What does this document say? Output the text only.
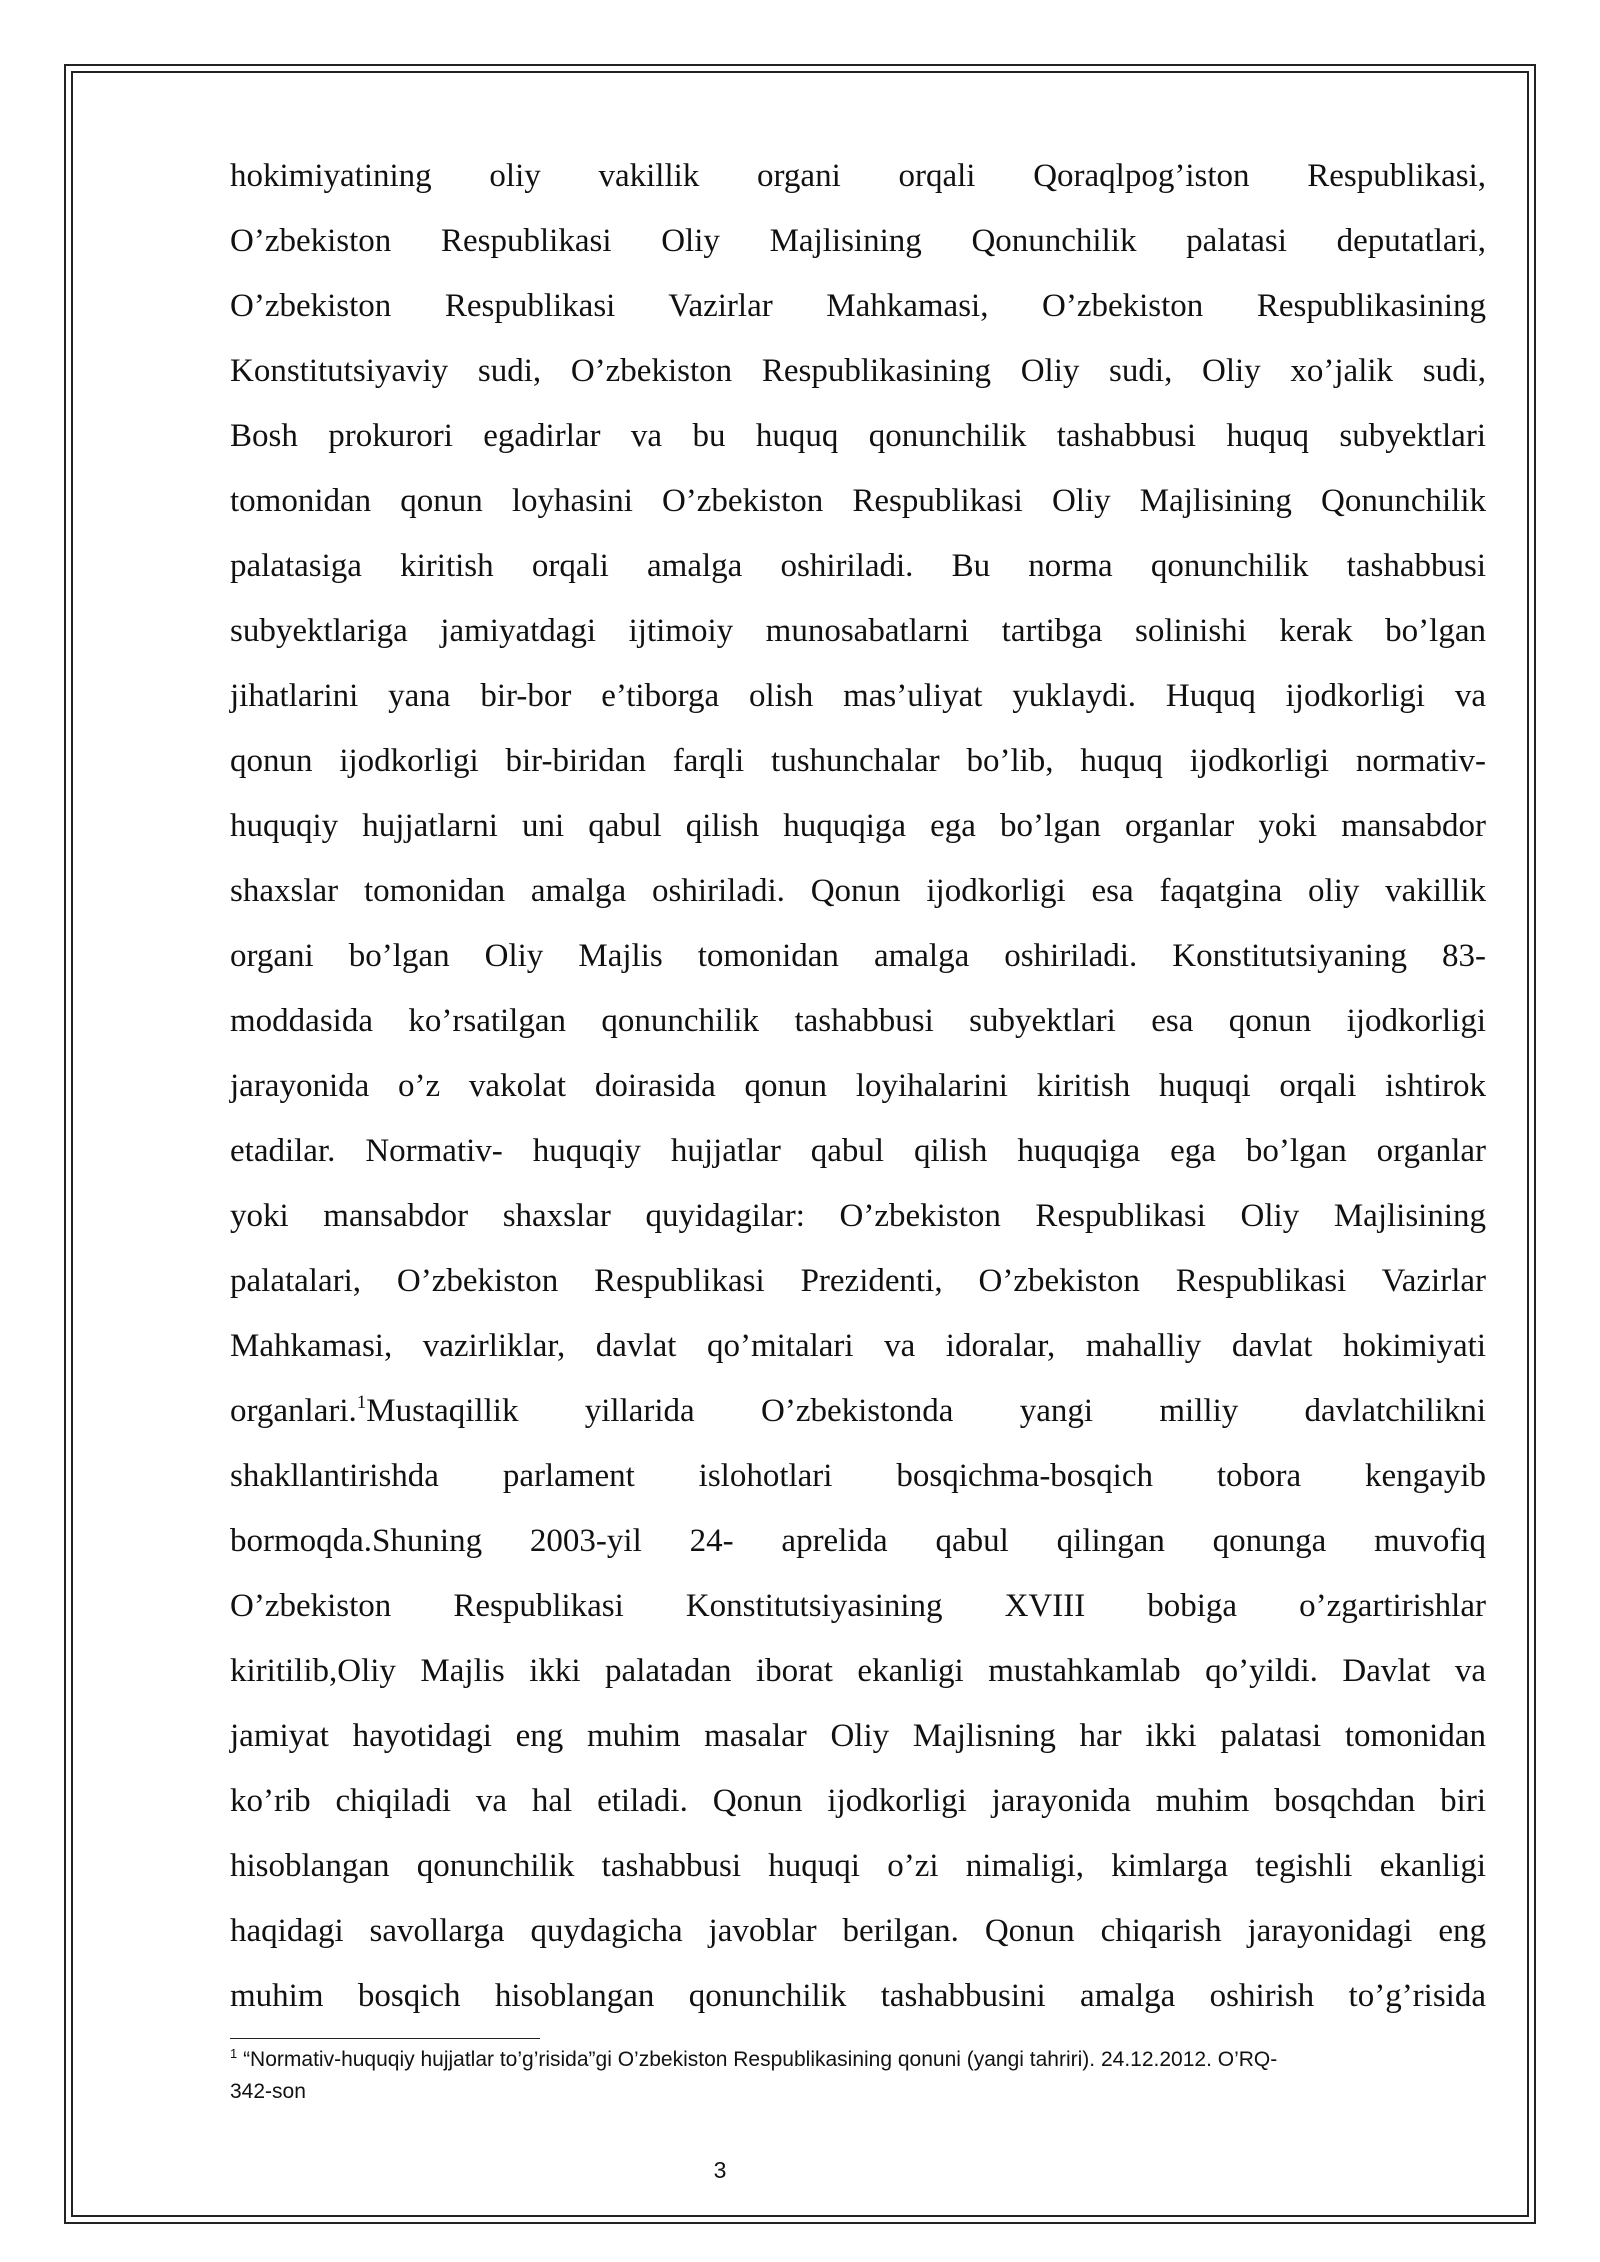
hokimiyatining oliy vakillik organi orqali Qoraqlpog’iston Respublikasi,
O’zbekiston Respublikasi Oliy Majlisining Qonunchilik palatasi deputatlari,
O’zbekiston Respublikasi Vazirlar Mahkamasi, O’zbekiston Respublikasining
Konstitutsiyaviy sudi, O’zbekiston Respublikasining Oliy sudi, Oliy xo’jalik sudi,
Bosh prokurori egadirlar va bu huquq qonunchilik tashabbusi huquq subyektlari
tomonidan qonun loyhasini O’zbekiston Respublikasi Oliy Majlisining Qonunchilik
palatasiga kiritish orqali amalga oshiriladi. Bu norma qonunchilik tashabbusi
subyektlariga jamiyatdagi ijtimoiy munosabatlarni tartibga solinishi kerak bo’lgan
jihatlarini yana bir-bor e’tiborga olish mas’uliyat yuklaydi. Huquq ijodkorligi va
qonun ijodkorligi bir-biridan farqli tushunchalar bo’lib, huquq ijodkorligi normativ-
huquqiy hujjatlarni uni qabul qilish huquqiga ega bo’lgan organlar yoki mansabdor
shaxslar tomonidan amalga oshiriladi. Qonun ijodkorligi esa faqatgina oliy vakillik
organi bo’lgan Oliy Majlis tomonidan amalga oshiriladi. Konstitutsiyaning 83-
moddasida ko’rsatilgan qonunchilik tashabbusi subyektlari esa qonun ijodkorligi
jarayonida o’z vakolat doirasida qonun loyihalarini kiritish huquqi orqali ishtirok
etadilar. Normativ- huquqiy hujjatlar qabul qilish huquqiga ega bo’lgan organlar
yoki mansabdor shaxslar quyidagilar: O’zbekiston Respublikasi Oliy Majlisining
palatalari, O’zbekiston Respublikasi Prezidenti, O’zbekiston Respublikasi Vazirlar
Mahkamasi, vazirliklar, davlat qo’mitalari va idoralar, mahalliy davlat hokimiyati
organlari.$^1$Mustaqillik yillarida O’zbekistonda yangi milliy davlatchilikni
shakllantirishda parlament islohotlari bosqichma-bosqich tobora kengayib
bormoqda.Shuning 2003-yil 24- aprelida qabul qilingan qonunga muvofiq
O’zbekiston Respublikasi Konstitutsiyasining XVIII bobiga o’zgartirishlar
kiritilib,Oliy Majlis ikki palatadan iborat ekanligi mustahkamlab qo’yildi. Davlat va
jamiyat hayotidagi eng muhim masalar Oliy Majlisning har ikki palatasi tomonidan
ko’rib chiqiladi va hal etiladi. Qonun ijodkorligi jarayonida muhim bosqchdan biri
hisoblangan qonunchilik tashabbusi huquqi o’zi nimaligi, kimlarga tegishli ekanligi
haqidagi savollarga quydagicha javoblar berilgan. Qonun chiqarish jarayonidagi eng
muhim bosqich hisoblangan qonunchilik tashabbusini amalga oshirish to’g’risida
$^1$ “Normativ-huquqiy hujjatlar to’g’risida”gi O’zbekiston Respublikasining qonuni (yangi tahriri). 24.12.2012. O’RQ-
342-son
3
